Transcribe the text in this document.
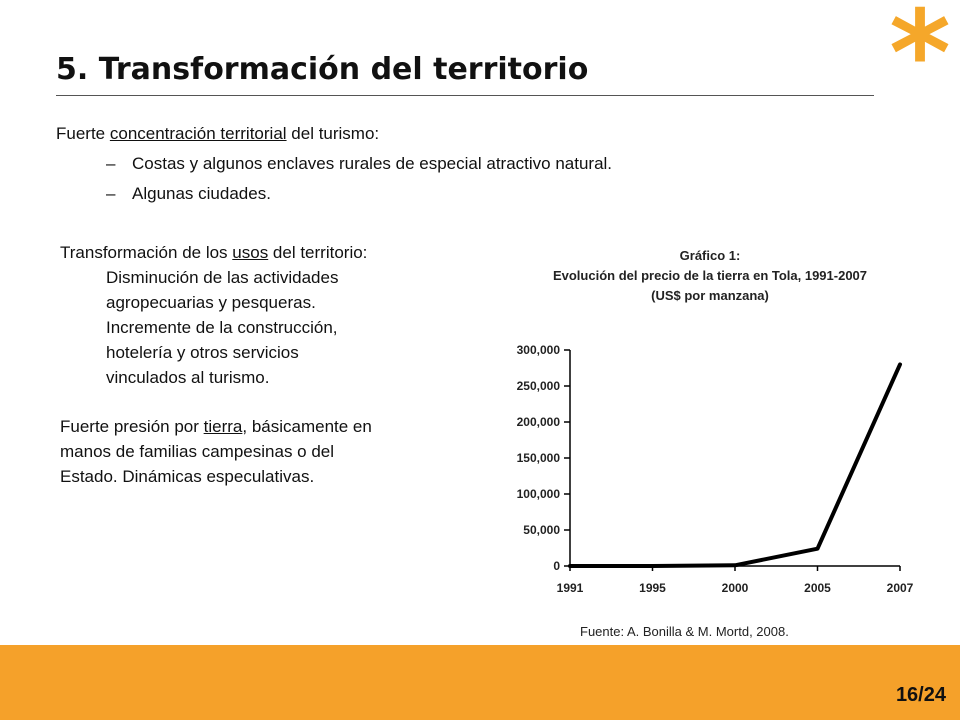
*
5. Transformación del territorio
Fuerte concentración territorial del turismo:
– Costas y algunos enclaves rurales de especial atractivo natural.
– Algunas ciudades.

Transformación de los usos del territorio:

Disminución de las actividades

agropecuarias y pesqueras.

Incremente de la construcción,

hotelería y otros servicios

vinculados al turismo.

Fuerte presión por tierra, básicamente en

manos de familias campesinas o del

Estado. Dinámicas especulativas.

Gráfico 1:
Evolución del precio de la tierra en Tola, 1991-2007
(US$ por manzana)
0
50,000
100,000
150,000
200,000
250,000
300,000
1991	1995	2000	2005	2007
Fuente: A. Bonilla & M. Mortd, 2008.
16/24
